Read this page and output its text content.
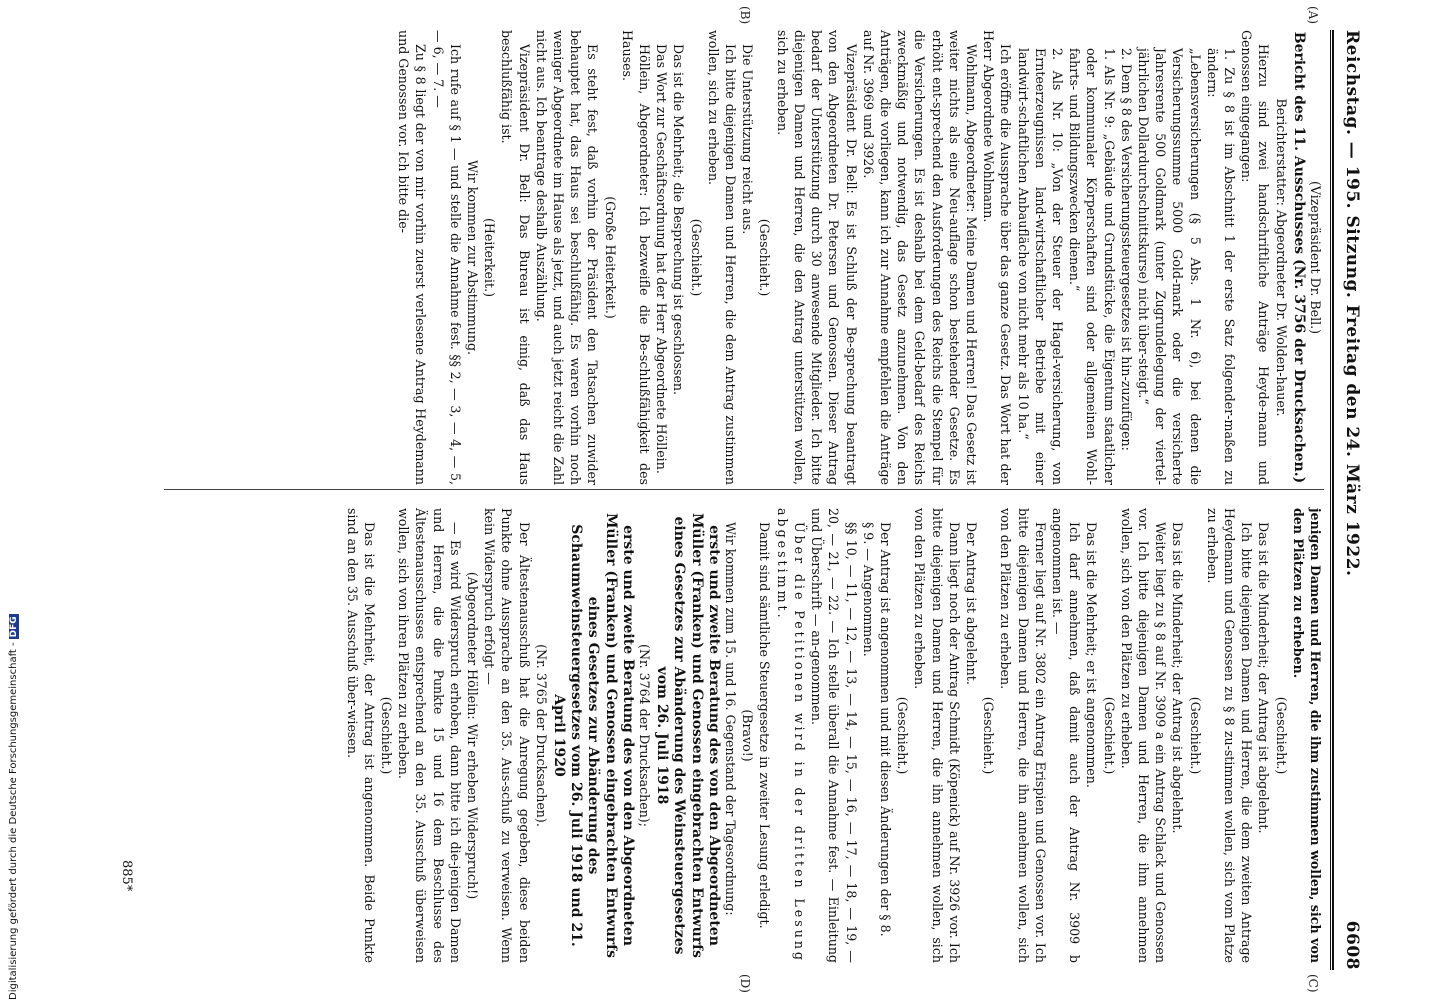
Reichstag. — 195. Sitzung. Freitag den 24. März 1922.
6608
(A)
(B)
(C)
(D)

(Vizepräsident Dr. Bell.)

Bericht des 11. Ausschusses (Nr. 3756 der Drucksachen.)

Berichterstatter: Abgeordneter Dr. Wolden-hauer.

Hierzu sind zwei handschriftliche Anträge Heyde-mann und Genossen eingegangen:

1. Zu § 8 ist im Abschnitt 1 der erste Satz folgender-maßen zu ändern:

„Lebensversicherungen (§ 5 Abs. 1 Nr. 6), bei denen die Versicherungssumme 5000 Gold-mark oder die versicherte Jahresrente 500 Goldmark (unter Zugrundelegung der viertel-jährlichen Dollardurchschnittskurse) nicht über-steigt.“

2. Dem § 8 des Versicherungssteuergesetzes ist hin-zuzufügen:

1. Als Nr. 9: „Gebäude und Grundstücke, die Eigentum staatlicher oder kommunaler Körperschaften sind oder allgemeinen Wohl-fahrts- und Bildungszwecken dienen.“

2. Als Nr. 10: „Von der Steuer der Hagel-versicherung, von Ernteerzeugnissen land-wirtschaftlicher Betriebe mit einer landwirt-schaftlichen Anbaufläche von nicht mehr als 10 ha.“

Ich eröffne die Aussprache über das ganze Gesetz. Das Wort hat der Herr Abgeordnete Wohlmann.

Wohlmann, Abgeordneter: Meine Damen und Herren! Das Gesetz ist weiter nichts als eine Neu-auflage schon bestehender Gesetze. Es erhöht ent-sprechend den Ausforderungen des Reichs die Stempel für die Versicherungen. Es ist deshalb bei dem Geld-bedarf des Reichs zweckmäßig und notwendig, das Gesetz anzunehmen. Von den Anträgen, die vorliegen, kann ich zur Annahme empfehlen die Anträge auf Nr. 3969 und 3926.

Vizepräsident Dr. Bell: Es ist Schluß der Be-sprechung beantragt von den Abgeordneten Dr. Petersen und Genossen. Dieser Antrag bedarf der Unterstützung durch 30 anwesende Mitglieder. Ich bitte diejenigen Damen und Herren, die den Antrag unterstützen wollen, sich zu erheben.

(Geschieht.)

Die Unterstützung reicht aus.

Ich bitte diejenigen Damen und Herren, die dem Antrag zustimmen wollen, sich zu erheben.

(Geschieht.)

Das ist die Mehrheit; die Besprechung ist geschlossen.

Das Wort zur Geschäftsordnung hat der Herr Abgeordnete Höllein.

Höllein, Abgeordneter: Ich bezweifle die Be-schlußfähigkeit des Hauses.

(Große Heiterkeit.)

Es steht fest, daß vorhin der Präsident den Tatsachen zuwider behauptet hat, das Haus sei beschlußfähig. Es waren vorhin noch weniger Abgeordnete im Hause als jetzt, und auch jetzt reicht die Zahl nicht aus. Ich beantrage deshalb Auszählung.

Vizepräsident Dr. Bell: Das Bureau ist einig, daß das Haus beschlußfähig ist.

(Heiterkeit.)

Wir kommen zur Abstimmung.

Ich rufe auf § 1 — und stelle die Annahme fest. §§ 2, — 3, — 4, — 5, — 6, — 7. —

Zu § 8 liegt der von mir vorhin zuerst verlesene Antrag Heydemann und Genossen vor. Ich bitte die-

jenigen Damen und Herren, die ihm zustimmen wollen, sich von den Plätzen zu erheben.

(Geschieht.)

Das ist die Minderheit; der Antrag ist abgelehnt.

Ich bitte diejenigen Damen und Herren, die dem zweiten Antrage Heydemann und Genossen zu § 8 zu-stimmen wollen, sich vom Platze zu erheben.

(Geschieht.)

Das ist die Minderheit; der Antrag ist abgelehnt.

Weiter liegt zu § 8 auf Nr. 3909 a ein Antrag Schlack und Genossen vor. Ich bitte diejenigen Damen und Herren, die ihm annehmen wollen, sich von den Plätzen zu erheben.

(Geschieht.)

Das ist die Mehrheit; er ist angenommen.

Ich darf annehmen, daß damit auch der Antrag Nr. 3909 b angenommen ist. —

Ferner liegt auf Nr. 3802 ein Antrag Erispien und Genossen vor. Ich bitte diejenigen Damen und Herren, die ihn annehmen wollen, sich von den Plätzen zu erheben.

(Geschieht.)

Der Antrag ist abgelehnt.

Dann liegt noch der Antrag Schmidt (Köpenick) auf Nr. 3926 vor. Ich bitte diejenigen Damen und Herren, die ihn annehmen wollen, sich von den Plätzen zu erheben.

(Geschieht.)

Der Antrag ist angenommen und mit diesen Änderungen der § 8.

§ 9. — Angenommen.

§§ 10, — 11, — 12, — 13, — 14, — 15, — 16, — 17, — 18, — 19, — 20, — 21, — 22. — Ich stelle überall die Annahme fest. — Einleitung und Überschrift — an-genommen.

Über die Petitionen wird in der dritten Lesung abgestimmt.

Damit sind sämtliche Steuergesetze in zweiter Lesung erledigt.

(Bravo!)

Wir kommen zum 15. und 16. Gegenstand der Tagesordnung:

erste und zweite Beratung des von den Abgeordneten Müller (Franken) und Genossen eingebrachten Entwurfs eines Gesetzes zur Abänderung des Weinsteuergesetzes vom 26. Juli 1918

(Nr. 3764 der Drucksachen);

erste und zweite Beratung des von den Abgeordneten Müller (Franken) und Genossen eingebrachten Entwurfs eines Gesetzes zur Abänderung des Schaumweinsteuergesetzes vom 26. Juli 1918 und 21. April 1920

(Nr. 3765 der Drucksachen).

Der Ältestenausschuß hat die Anregung gegeben, diese beiden Punkte ohne Aussprache an den 35. Aus-schuß zu verweisen. Wenn kein Widerspruch erfolgt —

(Abgeordneter Höllein: Wir erheben Widerspruch!)

— Es wird Widerspruch erhoben, dann bitte ich die-jenigen Damen und Herren, die die Punkte 15 und 16 dem Beschlusse des Ältestenausschusses entsprechend an den 35. Ausschuß überweisen wollen, sich von ihren Plätzen zu erheben.

(Geschieht.)

Das ist die Mehrheit, der Antrag ist angenommen. Beide Punkte sind an den 35. Ausschuß über-wiesen.

885*
Digitalisierung gefördert durch die Deutsche Forschungsgemeinschaft -DFG
